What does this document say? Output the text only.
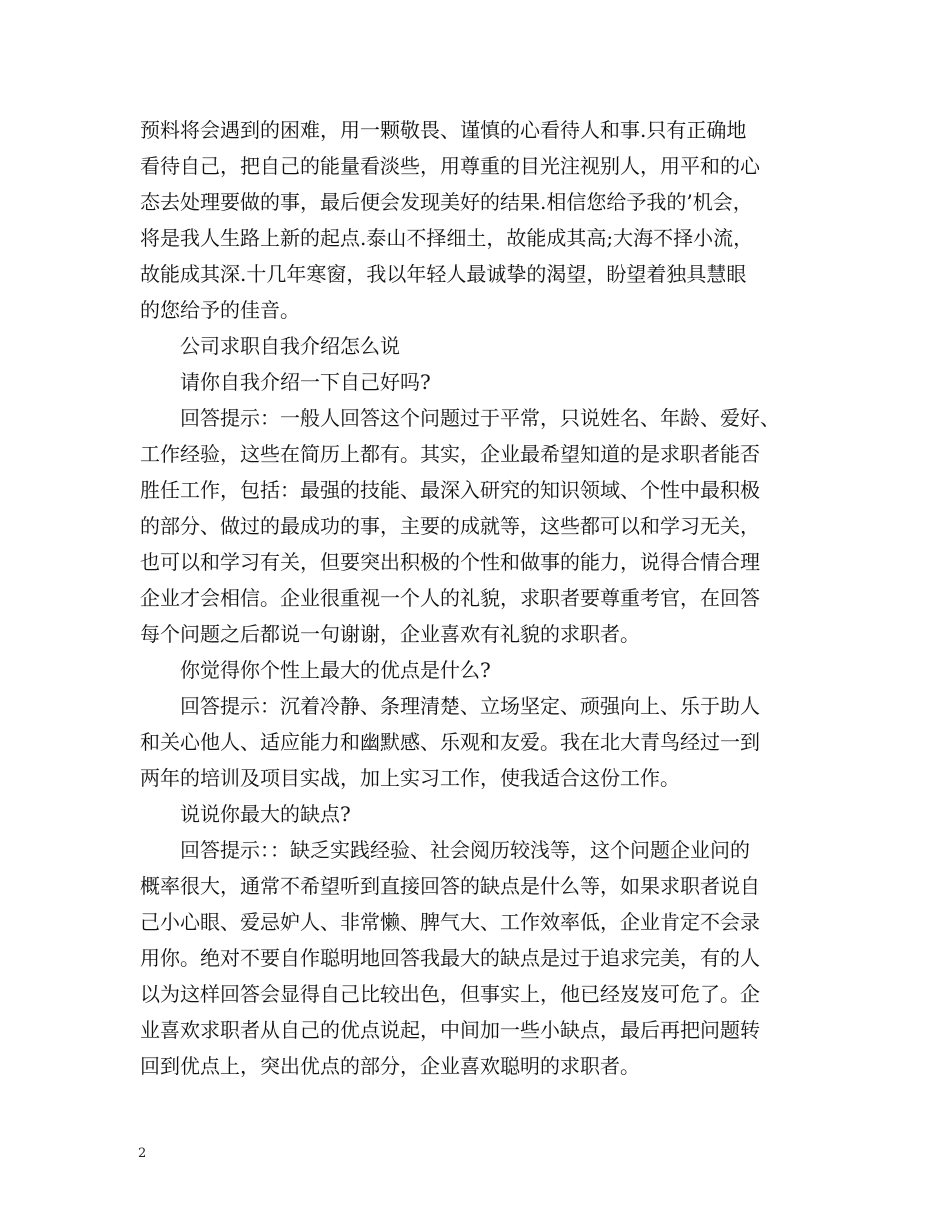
预料将会遇到的困难，用一颗敬畏、谨慎的心看待人和事.只有正确地
看待自己，把自己的能量看淡些，用尊重的目光注视别人，用平和的心
态去处理要做的事，最后便会发现美好的结果.相信您给予我的’机会，
将是我人生路上新的起点.泰山不择细土，故能成其高;大海不择小流，
故能成其深.十几年寒窗，我以年轻人最诚挚的渴望，盼望着独具慧眼
的您给予的佳音。
公司求职自我介绍怎么说
请你自我介绍一下自己好吗?
回答提示：一般人回答这个问题过于平常，只说姓名、年龄、爱好、
工作经验，这些在简历上都有。其实，企业最希望知道的是求职者能否
胜任工作，包括：最强的技能、最深入研究的知识领域、个性中最积极
的部分、做过的最成功的事，主要的成就等，这些都可以和学习无关，
也可以和学习有关，但要突出积极的个性和做事的能力，说得合情合理
企业才会相信。企业很重视一个人的礼貌，求职者要尊重考官，在回答
每个问题之后都说一句谢谢，企业喜欢有礼貌的求职者。
你觉得你个性上最大的优点是什么?
回答提示：沉着冷静、条理清楚、立场坚定、顽强向上、乐于助人
和关心他人、适应能力和幽默感、乐观和友爱。我在北大青鸟经过一到
两年的培训及项目实战，加上实习工作，使我适合这份工作。
说说你最大的缺点?
回答提示：：缺乏实践经验、社会阅历较浅等，这个问题企业问的
概率很大，通常不希望听到直接回答的缺点是什么等，如果求职者说自
己小心眼、爱忌妒人、非常懒、脾气大、工作效率低，企业肯定不会录
用你。绝对不要自作聪明地回答我最大的缺点是过于追求完美，有的人
以为这样回答会显得自己比较出色，但事实上，他已经岌岌可危了。企
业喜欢求职者从自己的优点说起，中间加一些小缺点，最后再把问题转
回到优点上，突出优点的部分，企业喜欢聪明的求职者。
2
